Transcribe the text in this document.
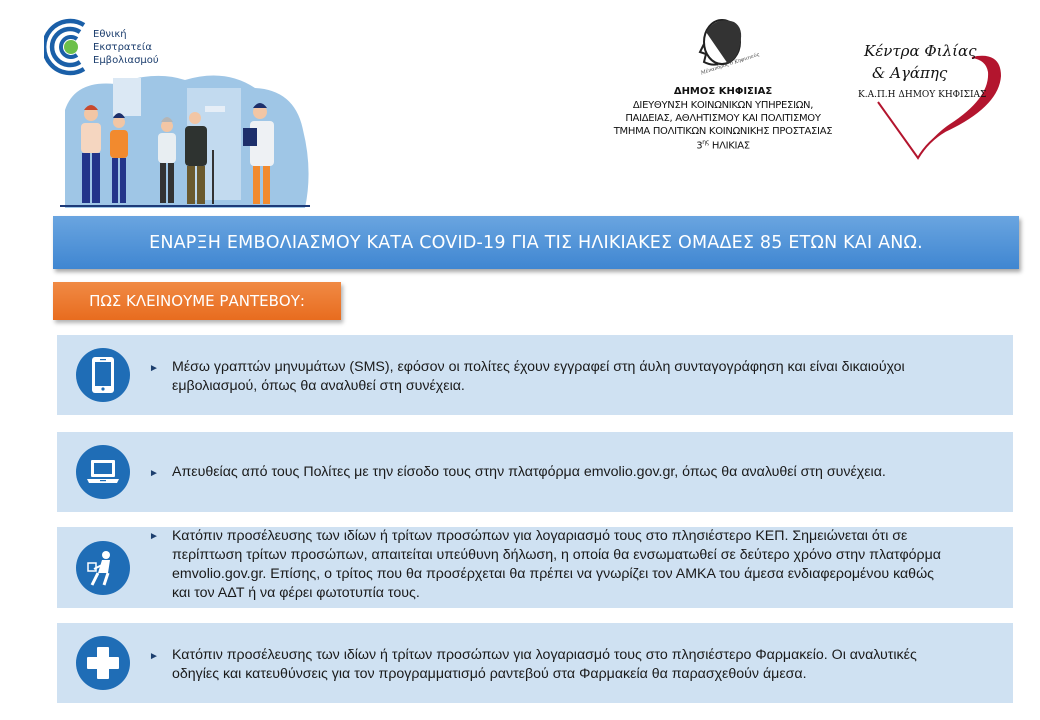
Εθνική
Εκστρατεία
Εμβολιασμού	Μένανδρος ο Κηφισιεύς
ΔΗΜΟΣ ΚΗΦΙΣΙΑΣ
ΔΙΕΥΘΥΝΣΗ ΚΟΙΝΩΝΙΚΩΝ ΥΠΗΡΕΣΙΩΝ,
ΠΑΙΔΕΙΑΣ, ΑΘΛΗΤΙΣΜΟΥ ΚΑΙ ΠΟΛΙΤΙΣΜΟΥ
ΤΜΗΜΑ ΠΟΛΙΤΙΚΩΝ ΚΟΙΝΩΝΙΚΗΣ ΠΡΟΣΤΑΣΙΑΣ
$3^{\eta\varsigma}$ ΗΛΙΚΙΑΣ
Κέντρα Φιλίας
& Αγάπης
Κ.Α.Π.Η ΔΗΜΟΥ ΚΗΦΙΣΙΑΣ
ΕΝΑΡΞΗ ΕΜΒΟΛΙΑΣΜΟΥ ΚΑΤΑ COVID-19 ΓΙΑ ΤΙΣ ΗΛΙΚΙΑΚΕΣ ΟΜΑΔΕΣ 85 ΕΤΩΝ ΚΑΙ ΑΝΩ.
ΠΩΣ ΚΛΕΙΝΟΥΜΕ ΡΑΝΤΕΒΟΥ:
► Μέσω γραπτών μηνυμάτων (SMS), εφόσον οι πολίτες έχουν εγγραφεί στη άυλη συνταγογράφηση και είναι δικαιούχοι εμβολιασμού, όπως θα αναλυθεί στη συνέχεια.
► Απευθείας από τους Πολίτες με την είσοδο τους στην πλατφόρμα emvolio.gov.gr, όπως θα αναλυθεί στη συνέχεια.
► Κατόπιν προσέλευσης των ιδίων ή τρίτων προσώπων για λογαριασμό τους στο πλησιέστερο ΚΕΠ. Σημειώνεται ότι σε περίπτωση τρίτων προσώπων, απαιτείται υπεύθυνη δήλωση, η οποία θα ενσωματωθεί σε δεύτερο χρόνο στην πλατφόρμα emvolio.gov.gr. Επίσης, ο τρίτος που θα προσέρχεται θα πρέπει να γνωρίζει τον ΑΜΚΑ του άμεσα ενδιαφερομένου καθώς και τον ΑΔΤ ή να φέρει φωτοτυπία τους.
► Κατόπιν προσέλευσης των ιδίων ή τρίτων προσώπων για λογαριασμό τους στο πλησιέστερο Φαρμακείο. Οι αναλυτικές οδηγίες και κατευθύνσεις για τον προγραμματισμό ραντεβού στα Φαρμακεία θα παρασχεθούν άμεσα.
